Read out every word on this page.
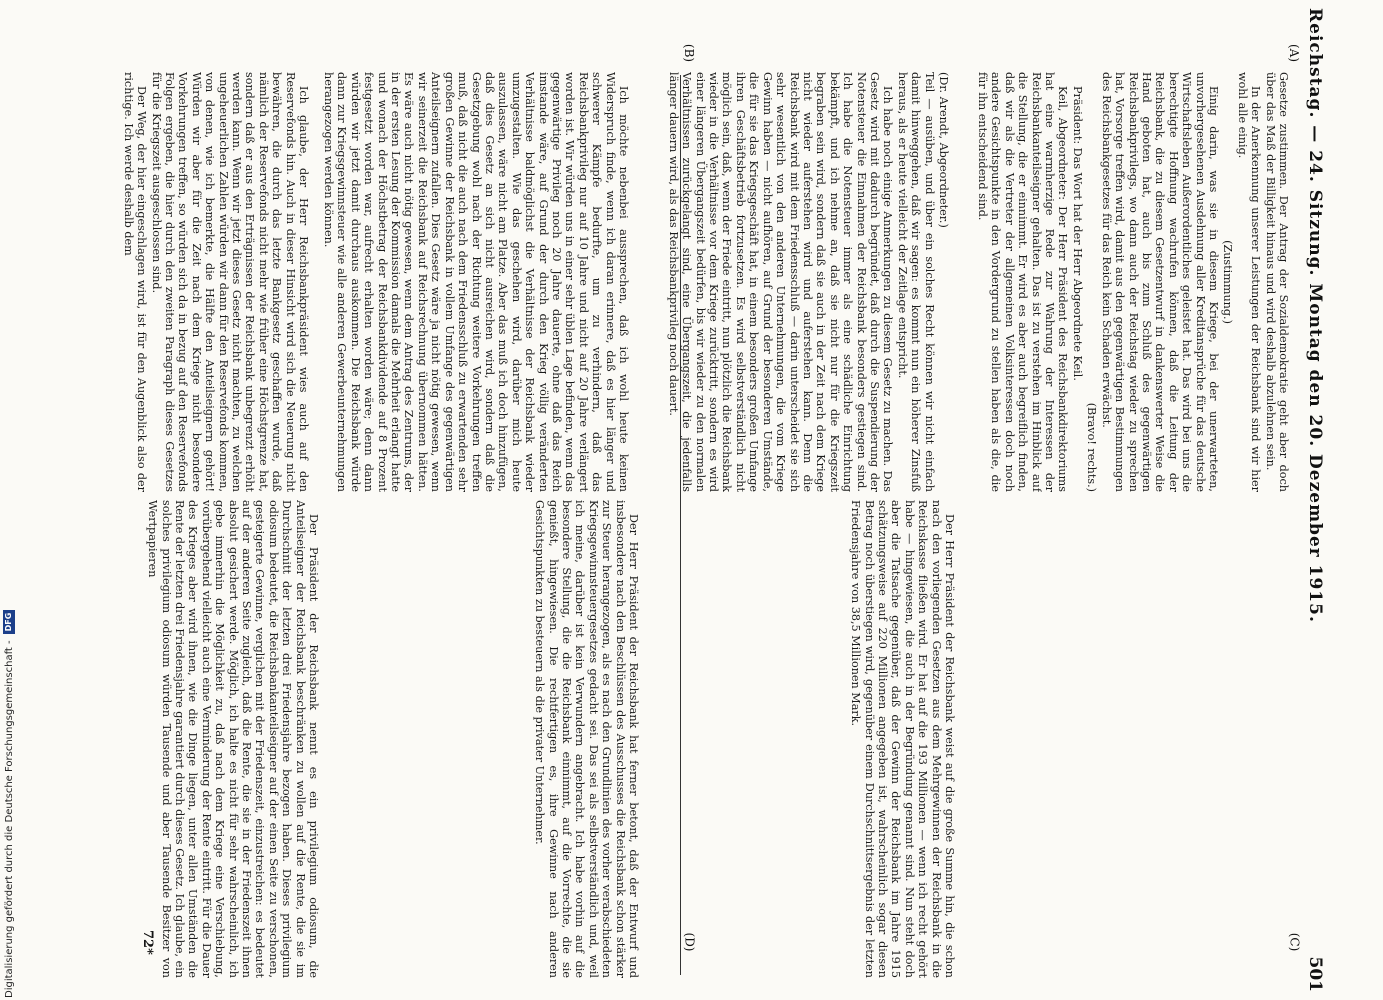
Reichstag. — 24. Sitzung. Montag den 20. Dezember 1915.
501

Gesetze zustimmen. Der Antrag der Sozialdemokratie geht aber doch über das Maß der Billigkeit hinaus und wird deshalb abzulehnen sein.

In der Anerkennung unserer Leistungen der Reichsbank sind wir hier wohl alle einig.

(Zustimmung.)

Einig darin, was sie in diesem Kriege, bei der unerwarteten, unvorhergesehenen Ausdehnung aller Kreditansprüche für das deutsche Wirtschaftsleben Außerordentliches geleistet hat. Das wird bei uns die berechtigte Hoffnung wachrufen können, daß die Leitung der Reichsbank, die zu diesem Gesetzentwurf in dankenswerter Weise die Hand geboten hat, auch bis zum Schluß des gegenwärtigen Reichsbankprivilegs, wo dann auch der Reichstag wieder zu sprechen hat, Vorsorge treffen wird, damit aus den gegenwärtigen Bestimmungen des Reichsbankgesetzes für das Reich kein Schaden erwächst.

(Bravo! rechts.)

Präsident: Das Wort hat der Herr Abgeordnete Keil.

Keil, Abgeordneter: Der Herr Präsident des Reichsbankdirektoriums hat eine warmherzige Rede zur Wahrung der Interessen der Reichsbankanteilseigner gehalten. Das ist zu verstehen im Hinblick auf die Stellung, die er einnimmt. Er wird es aber auch begreiflich finden, daß wir als die Vertreter der allgemeinen Volksinteressen doch noch andere Gesichtspunkte in den Vordergrund zu stellen haben als die, die für ihn entscheidend sind.

Der Herr Präsident der Reichsbank weist auf die große Summe hin, die schon nach den vorliegenden Gesetzen aus dem Mehrgewinnen der Reichsbank in die Reichskasse fließen wird. Er hat auf die 193 Millionen — wenn ich recht gehört habe — hingewiesen, die auch in der Begründung genannt sind. Nun steht doch aber die Tatsache gegenüber, daß der Gewinn der Reichsbank im Jahre 1915 schätzungsweise auf 220 Millionen angegeben ist, wahrscheinlich sogar diesen Betrag noch überstiegen wird, gegenüber einem Durchschnittsergebnis der letzten Friedensjahre von 38,5 Millionen Mark.

Der Herr Präsident der Reichsbank hat ferner betont, daß der Entwurf und insbesondere nach den Beschlüssen des Ausschusses die Reichsbank schon stärker zur Steuer herangezogen, als es nach den Grundlinien des vorher verabschiedeten Kriegsgewinnsteuergesetzes gedacht sei. Das sei als selbstverständlich und, weil ich meine, darüber ist kein Verwundern angebracht. Ich habe vorhin auf die besondere Stellung, die die Reichsbank einnimmt, auf die Vorrechte, die sie genießt, hingewiesen. Die rechtfertigen es, ihre Gewinne nach anderen Gesichtspunkten zu besteuern als die privater Unternehmer.

Der Präsident der Reichsbank nennt es ein privilegium odiosum, die Anteilseigner der Reichsbank beschränken zu wollen auf die Rente, die sie im Durchschnitt der letzten drei Friedensjahre bezogen haben. Dieses privilegium odiosum bedeutet, die Reichsbankanteilseigner auf der einen Seite zu verschonen, gesteigerte Gewinne, verglichen mit der Friedenszeit, einzustreichen: es bedeutet auf der anderen Seite zugleich, daß die Rente, die sie in der Friedenszeit ihnen absolut gesichert werde. Möglich, ich halte es nicht für sehr wahrscheinlich, ich gebe immerhin die Möglichkeit zu, daß nach dem Kriege eine Verschiebung, vorübergehend vielleicht auch eine Verminderung der Rente eintritt. Für die Dauer des Krieges aber wird ihnen, wie die Dinge liegen, unter allen Umständen die Rente der letzten drei Friedensjahre garantiert durch dieses Gesetz. Ich glaube, ein solches privilegium odiosum würden Tausende und aber Tausende Besitzer von Wertpapieren

(Dr. Arendt, Abgeordneter.)

Teil — ausüben, und über ein solches Recht können wir nicht einfach damit hinweggehen, daß wir sagen: es kommt nun ein höherer Zinsfuß heraus, als er heute vielleicht der Zeitlage entspricht.

Ich habe noch einige Anmerkungen zu diesem Gesetz zu machen. Das Gesetz wird mit dadurch begründet, daß durch die Suspendierung der Notensteuer die Einnahmen der Reichsbank besonders gestiegen sind. Ich habe die Notensteuer immer als eine schädliche Einrichtung bekämpft, und ich nehme an, daß sie nicht nur für die Kriegszeit begraben sein wird, sondern daß sie auch in der Zeit nach dem Kriege nicht wieder auferstehen wird und auferstehen kann. Denn die Reichsbank wird mit dem Friedensschluß — darin unterscheidet sie sich sehr wesentlich von den anderen Unternehmungen, die vom Kriege Gewinn haben — nicht aufhören, auf Grund der besonderen Umstände, die für sie das Kriegsgeschäft hat, in einem besonders großen Umfange ihren Geschäftsbetrieb fortzusetzen. Es wird selbstverständlich nicht möglich sein, daß, wenn der Friede eintritt, nun plötzlich die Reichsbank wieder in die Verhältnisse vor dem Kriege zurücktritt, sondern es wird einer längeren Übergangszeit bedürfen, bis wir wieder zu den normalen Verhältnissen zurückgelangt sind, eine Übergangszeit, die jedenfalls länger dauern wird, als das Reichsbankprivileg noch dauert.

Ich möchte nebenbei aussprechen, daß ich wohl heute keinen Widerspruch finde, wenn ich daran erinnere, daß es hier länger und schwerer Kämpfe bedurfte, um zu verhindern, daß das Reichsbankprivileg nur auf 10 Jahre und nicht auf 20 Jahre verlängert worden ist. Wir würden uns in einer sehr üblen Lage befinden, wenn das gegenwärtige Privileg noch 20 Jahre dauerte, ohne daß das Reich imstande wäre, auf Grund der durch den Krieg völlig veränderten Verhältnisse baldmöglichst die Verhältnisse der Reichsbank wieder umzugestalten. Wie das geschehen wird, darüber mich heute auszulassen, wäre nicht am Platze. Aber das muß ich doch hinzufügen, daß dies Gesetz an sich nicht ausreichen wird, sondern daß die Gesetzgebung wohl nach der Richtung weitere Vorkehrungen treffen muß, daß nicht die auch nach dem Friedensschluß zu erwartenden sehr großen Gewinne der Reichsbank in vollem Umfange des gegenwärtigen Anteilseignern zufallen. Dies Gesetz wäre ja nicht nötig gewesen, wenn wir seinerzeit die Reichsbank auf Reichsrechnung übernommen hätten. Es wäre auch nicht nötig gewesen, wenn dem Antrag des Zentrums, der in der ersten Lesung der Kommission damals die Mehrheit erlangt hatte und wonach der Höchstbetrag der Reichsbankdividende auf 8 Prozent festgesetzt worden war, aufrecht erhalten worden wäre; denn dann würden wir jetzt damit durchaus auskommen. Die Reichsbank würde dann zur Kriegsgewinnsteuer wie alle anderen Gewerbeunternehmungen herangezogen werden können.

Ich glaube, der Herr Reichsbankpräsident wies auch auf den Reservefonds hin. Auch in dieser Hinsicht wird sich die Neuerung nicht bewähren, die durch das letzte Bankgesetz geschaffen wurde, daß nämlich der Reservefonds nicht mehr wie früher eine Höchstgrenze hat, sondern daß er aus den Erträgnissen der Reichsbank unbegrenzt erhöht werden kann. Wenn wir jetzt dieses Gesetz nicht machten, zu welchen ungeheuerlichen Zahlen würden wir dann für den Reservefonds kommen, von denen, wie ich bemerkte, die Hälfte den Anteilseignern gehört! Würden wir aber für die Zeit nach dem Kriege nicht besondere Vorkehrungen treffen, so würden sich da in bezug auf den Reservefonds Folgen ergeben, die hier durch den zweiten Paragraph dieses Gesetzes für die Kriegszeit ausgeschlossen sind.

Der Weg, der hier eingeschlagen wird, ist für den Augenblick also der richtige. Ich werde deshalb dem

(A)
(B)
(C)
(D)
72*
Digitalisierung gefördert durch die Deutsche Forschungsgemeinschaft -
DFG
